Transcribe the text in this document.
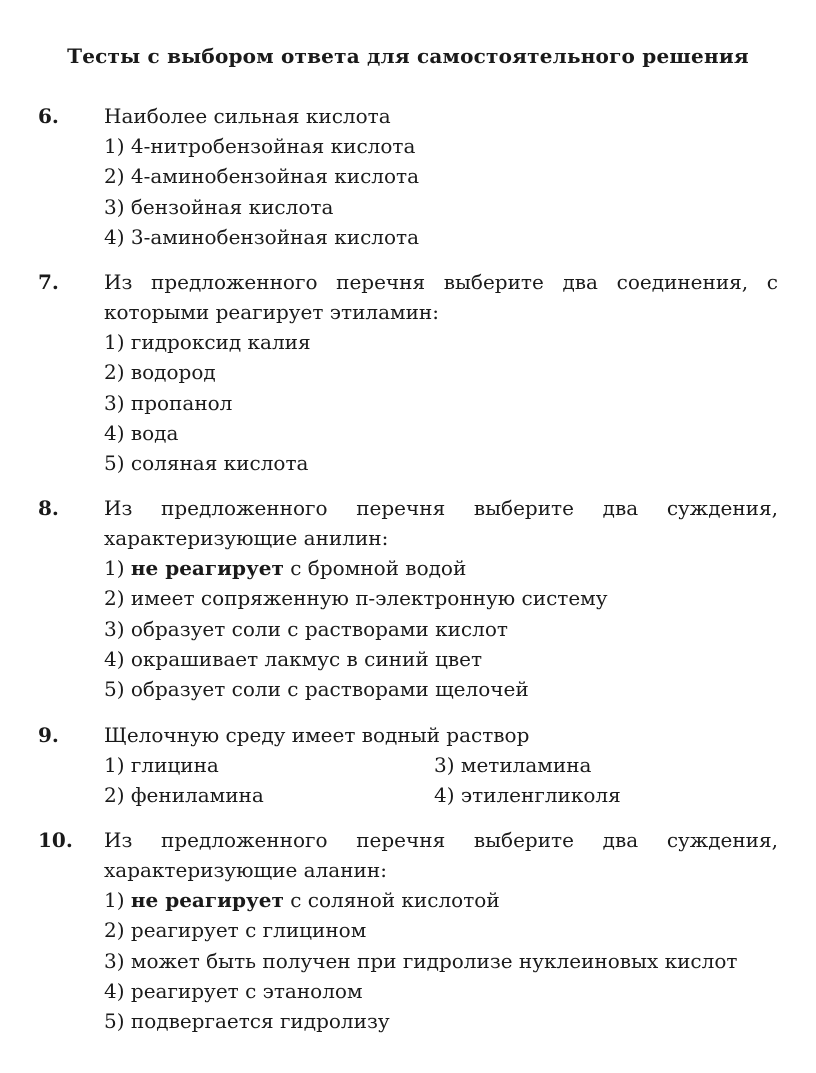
Тесты с выбором ответа для самостоятельного решения
6. Наиболее сильная кислота
1) 4-нитробензойная кислота
2) 4-аминобензойная кислота
3) бензойная кислота
4) 3-аминобензойная кислота
7. Из предложенного перечня выберите два соединения, с которыми реагирует этиламин:
1) гидроксид калия
2) водород
3) пропанол
4) вода
5) соляная кислота
8. Из предложенного перечня выберите два суждения, характеризующие анилин:
1) не реагирует с бромной водой
2) имеет сопряженную π-электронную систему
3) образует соли с растворами кислот
4) окрашивает лакмус в синий цвет
5) образует соли с растворами щелочей
9. Щелочную среду имеет водный раствор
1) глицина	3) метиламина
2) фениламина	4) этиленгликоля
10. Из предложенного перечня выберите два суждения, характеризующие аланин:
1) не реагирует с соляной кислотой
2) реагирует с глицином
3) может быть получен при гидролизе нуклеиновых кислот
4) реагирует с этанолом
5) подвергается гидролизу
